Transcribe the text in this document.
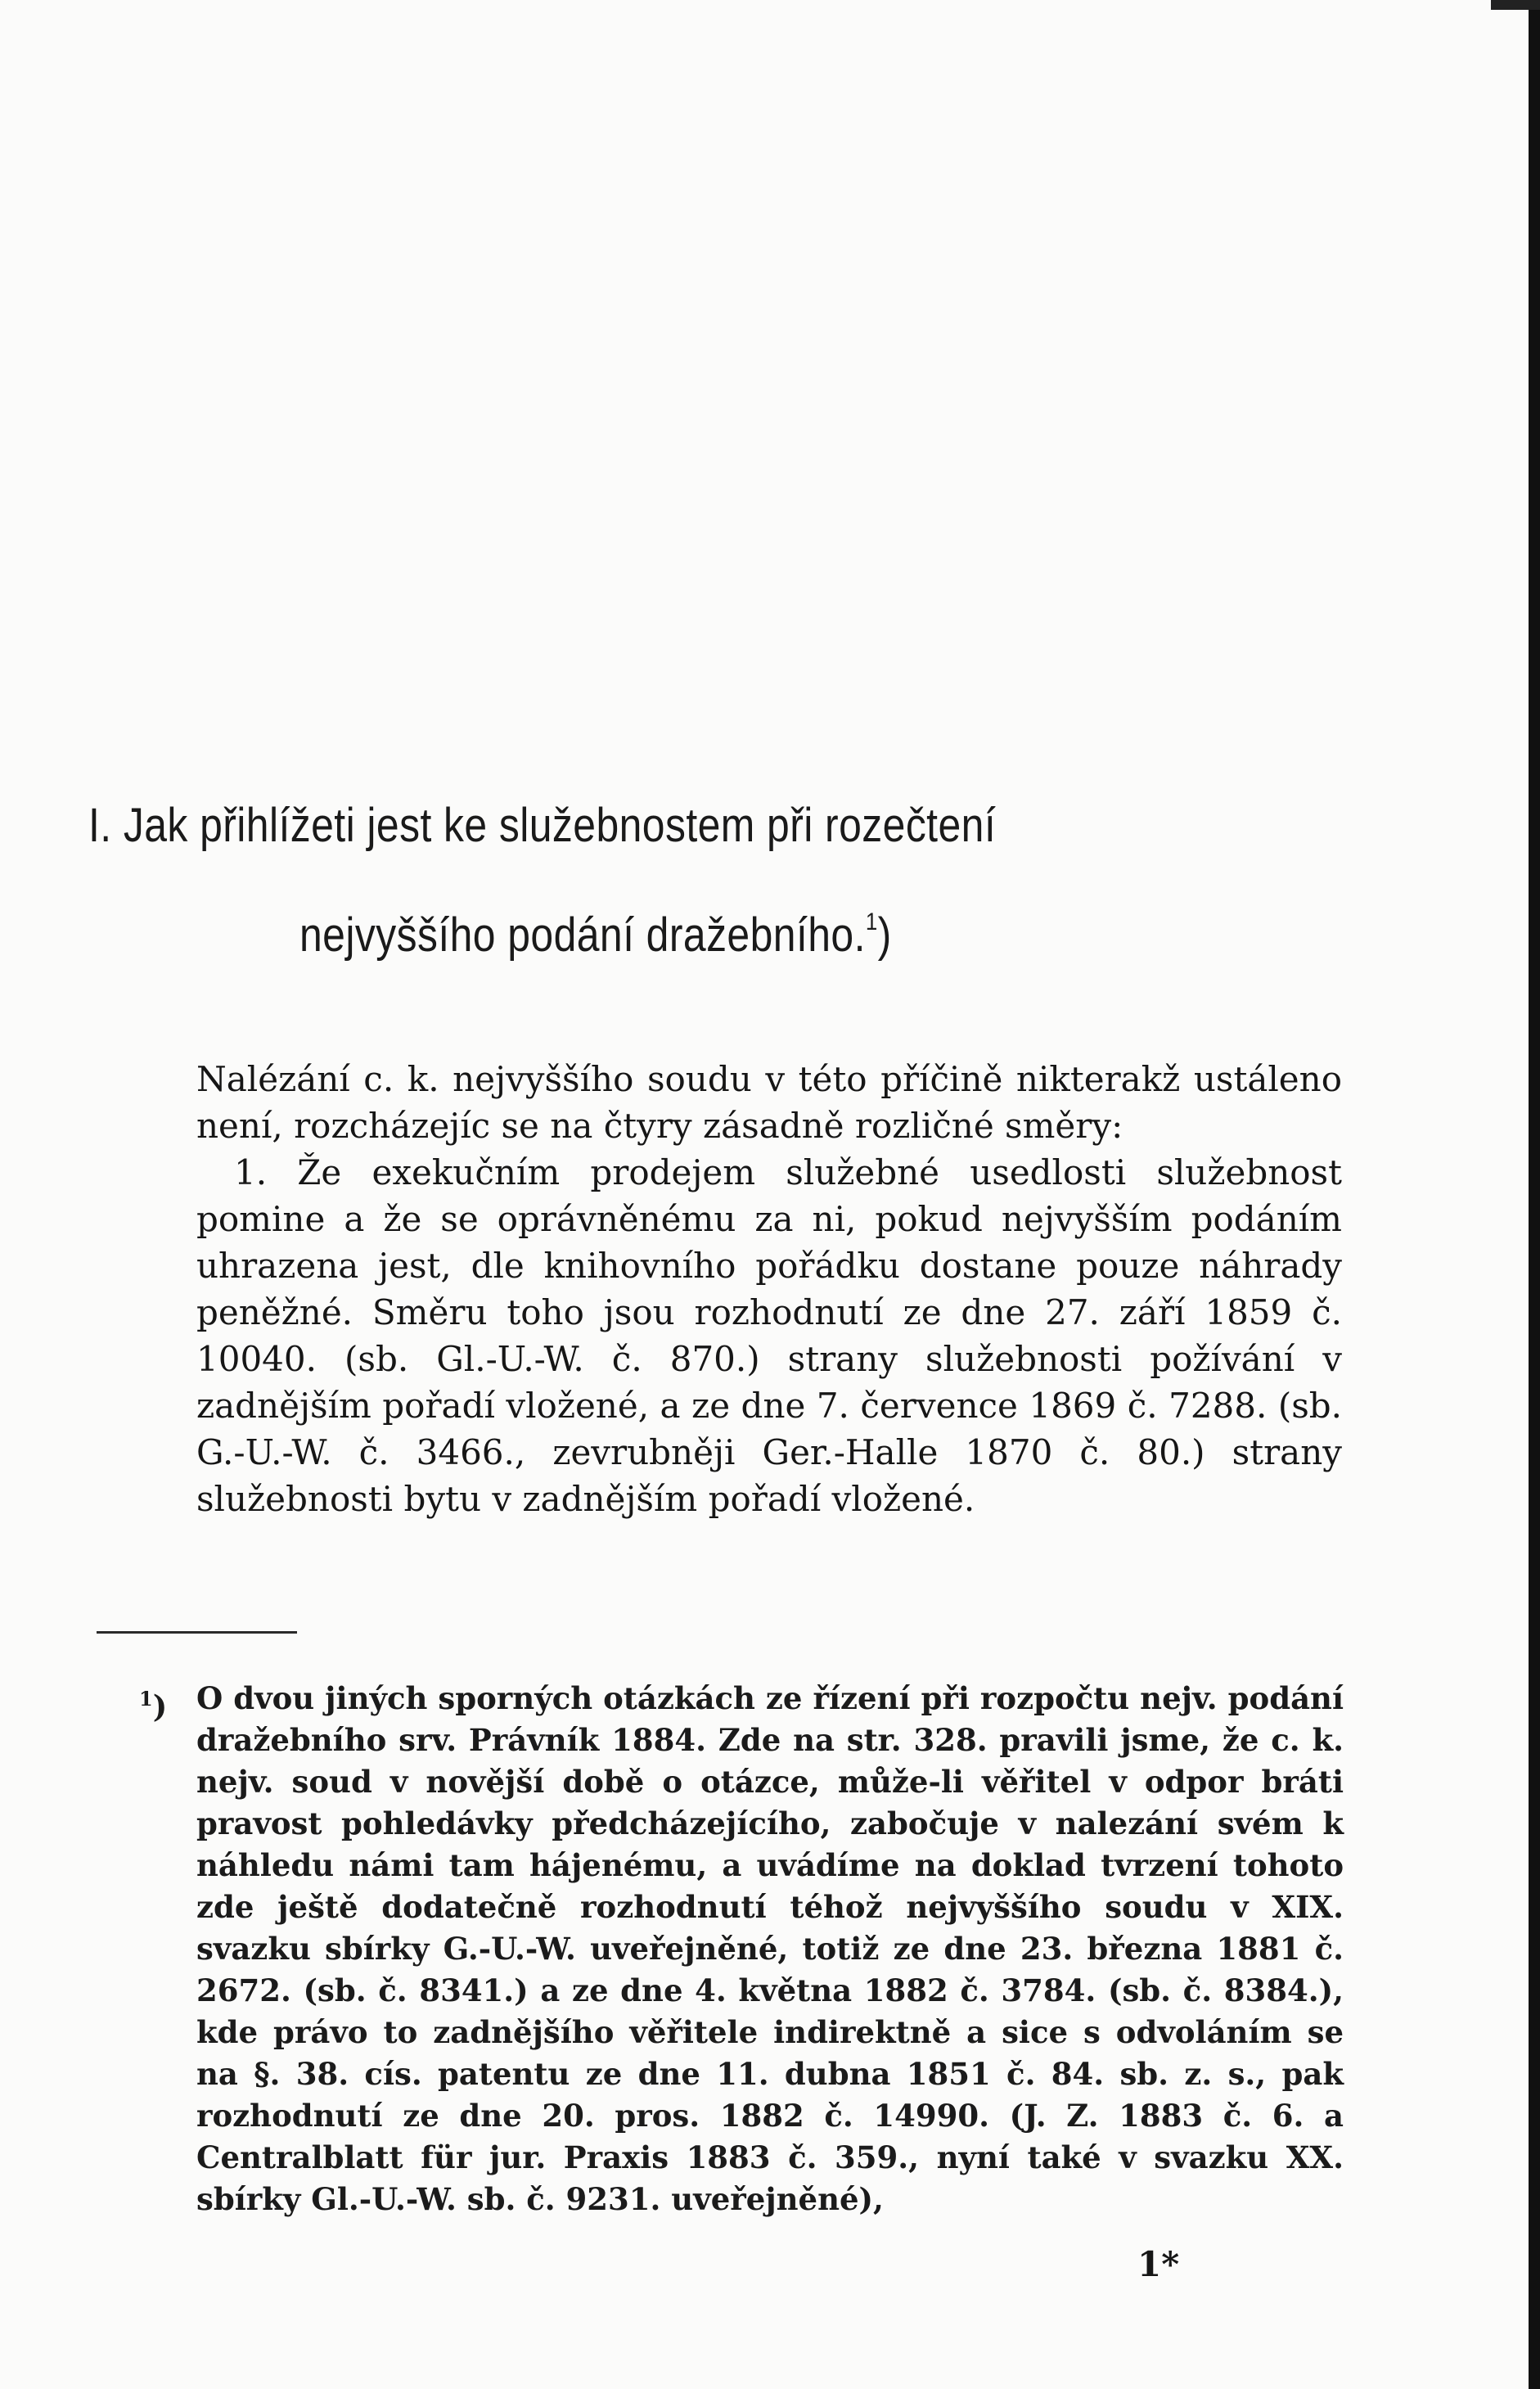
I. Jak přihlížeti jest ke služebnostem při rozečtení
nejvyššího podání dražebního.$^1$)

Nalézání c. k. nejvyššího soudu v této příčině nikterakž ustáleno není, rozcházejíc se na čtyry zásadně rozličné směry:

1. Že exekučním prodejem služebné usedlosti služebnost pomine a že se oprávněnému za ni, pokud nejvyšším podáním uhrazena jest, dle knihovního pořádku dostane pouze náhrady peněžné. Směru toho jsou rozhodnutí ze dne 27. září 1859 č. 10040. (sb. Gl.-U.-W. č. 870.) strany služebnosti požívání v zadnějším pořadí vložené, a ze dne 7. července 1869 č. 7288. (sb. G.-U.-W. č. 3466., zevrubněji Ger.-Halle 1870 č. 80.) strany služebnosti bytu v zadnějším pořadí vložené.

$^1$) O dvou jiných sporných otázkách ze řízení při rozpočtu nejv. podání dražebního srv. Právník 1884. Zde na str. 328. pravili jsme, že c. k. nejv. soud v novější době o otázce, může-li věřitel v odpor bráti pravost pohledávky předcházejícího, zabočuje v nalezání svém k náhledu námi tam hájenému, a uvádíme na doklad tvrzení tohoto zde ještě dodatečně rozhodnutí téhož nejvyššího soudu v XIX. svazku sbírky G.-U.-W. uveřejněné, totiž ze dne 23. března 1881 č. 2672. (sb. č. 8341.) a ze dne 4. května 1882 č. 3784. (sb. č. 8384.), kde právo to zadnějšího věřitele indirektně a sice s odvoláním se na §. 38. cís. patentu ze dne 11. dubna 1851 č. 84. sb. z. s., pak rozhodnutí ze dne 20. pros. 1882 č. 14990. (J. Z. 1883 č. 6. a Centralblatt für jur. Praxis 1883 č. 359., nyní také v svazku XX. sbírky Gl.-U.-W. sb. č. 9231. uveřejněné),
1*
